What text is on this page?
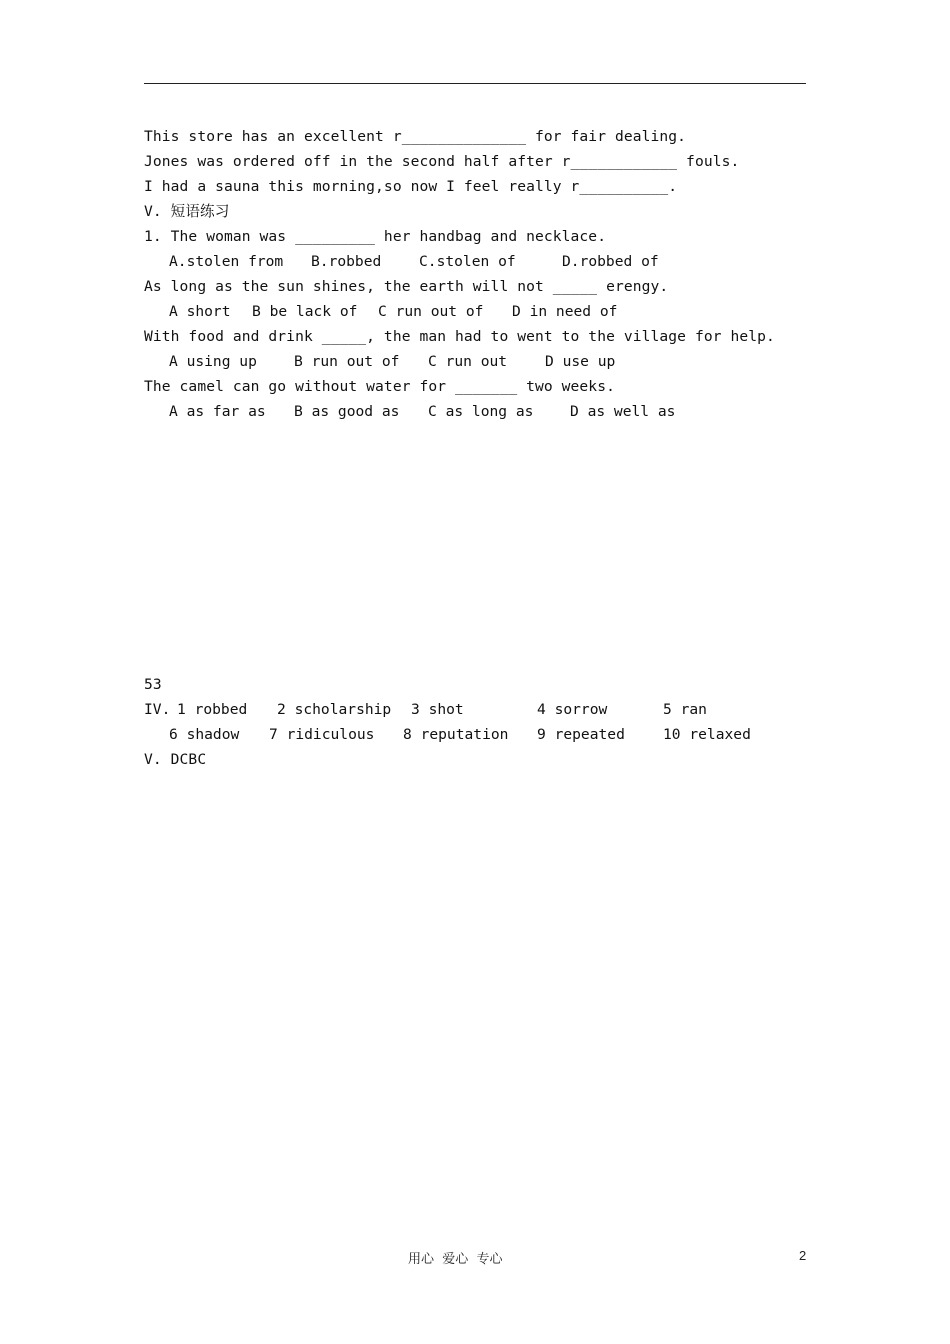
This store has an excellent r______________ for fair dealing.
Jones was ordered off in the second half after r____________ fouls.
I had a sauna this morning,so now I feel really r__________.
V. 短语练习
1. The woman was _________ her handbag and necklace.
A.stolen from B.robbed	C.stolen of	D.robbed of
As long as the sun shines, the earth will not _____ erengy.
A short B be lack of C run out of D in need of
With food and drink _____, the man had to went to the village for help.
A using up	B run out of C run out	D use up
The camel can go without water for _______ two weeks.
A as far as B as good as C as long as	D as well as
53
IV. 1 robbed 2 scholarship 3 shot	4 sorrow	5 ran
6 shadow 7 ridiculous 8 reputation 9 repeated	10 relaxed
V. DCBC
用心  爱心  专心	2
